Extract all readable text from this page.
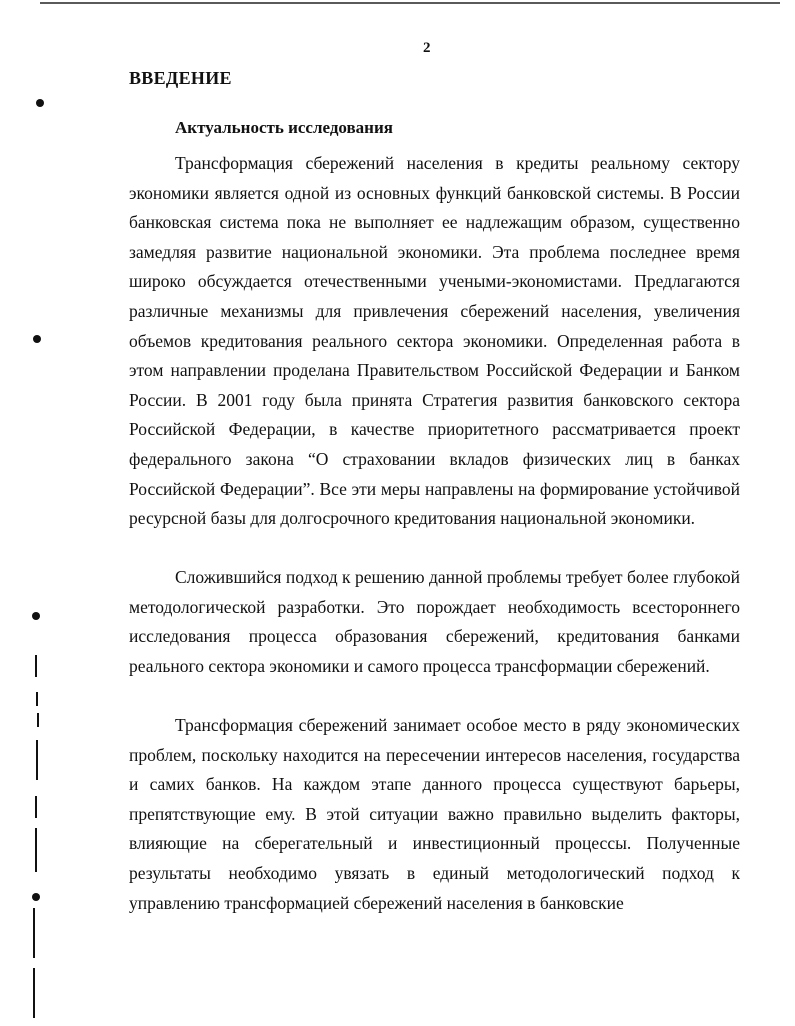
2
ВВЕДЕНИЕ
Актуальность исследования

Трансформация сбережений населения в кредиты реальному сектору экономики является одной из основных функций банковской системы. В России банковская система пока не выполняет ее надлежащим образом, существенно замедляя развитие национальной экономики. Эта проблема последнее время широко обсуждается отечественными учеными-экономистами. Предлагаются различные механизмы для привлечения сбережений населения, увеличения объемов кредитования реального сектора экономики. Определенная работа в этом направлении проделана Правительством Российской Федерации и Банком России. В 2001 году была принята Стратегия развития банковского сектора Российской Федерации, в качестве приоритетного рассматривается проект федерального закона “О страховании вкладов физических лиц в банках Российской Федерации”. Все эти меры направлены на формирование устойчивой ресурсной базы для долгосрочного кредитования национальной экономики.

Сложившийся подход к решению данной проблемы требует более глубокой методологической разработки. Это порождает необходимость всестороннего исследования процесса образования сбережений, кредитования банками реального сектора экономики и самого процесса трансформации сбережений.

Трансформация сбережений занимает особое место в ряду экономических проблем, поскольку находится на пересечении интересов населения, государства и самих банков. На каждом этапе данного процесса существуют барьеры, препятствующие ему. В этой ситуации важно правильно выделить факторы, влияющие на сберегательный и инвестиционный процессы. Полученные результаты необходимо увязать в единый методологический подход к управлению трансформацией сбережений населения в банковские
